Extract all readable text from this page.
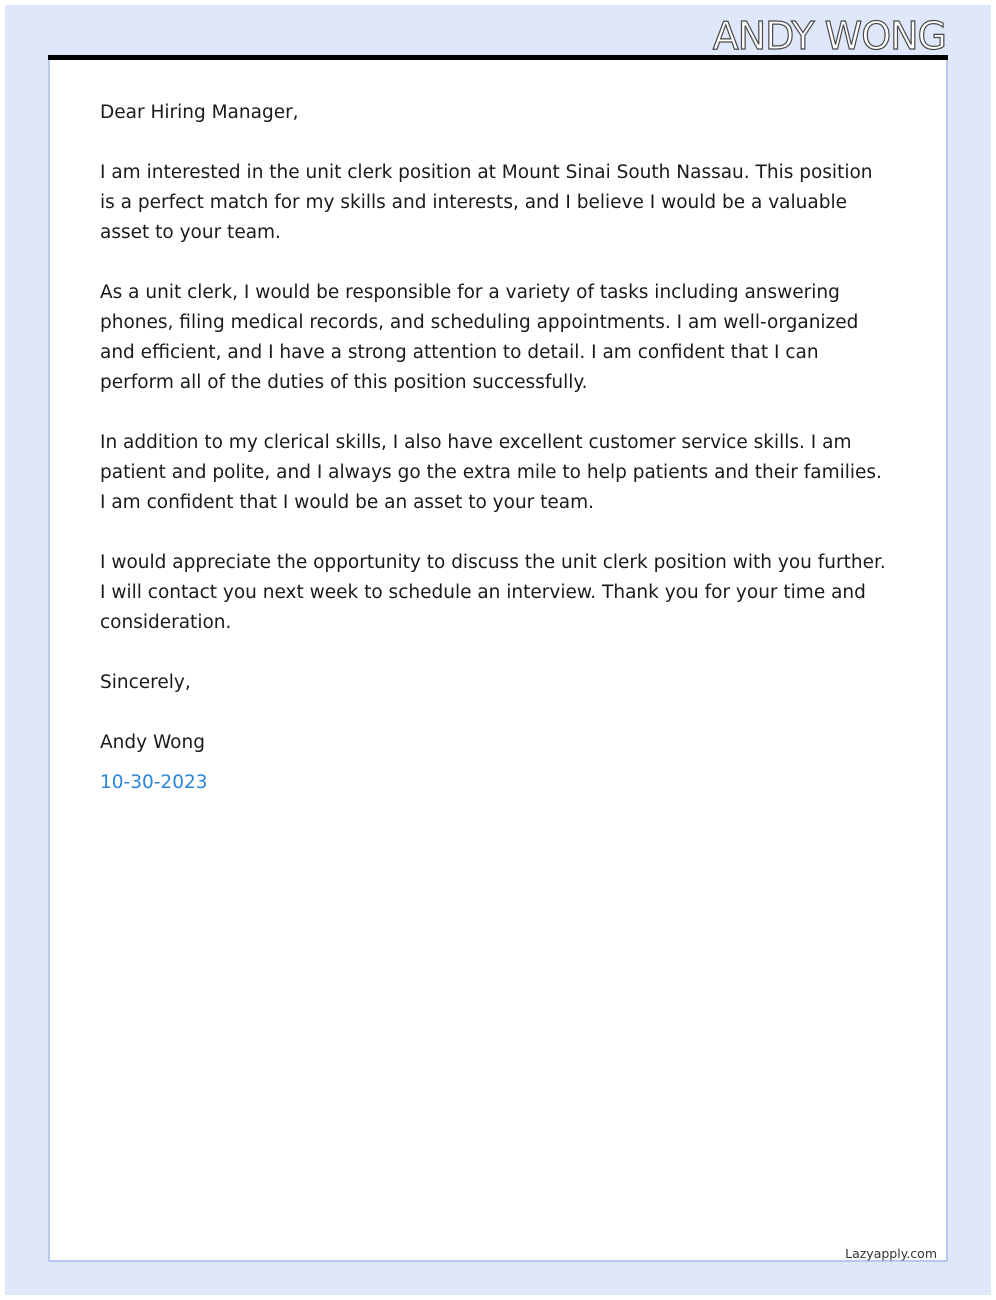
ANDY WONG

Dear Hiring Manager,

I am interested in the unit clerk position at Mount Sinai South Nassau. This position is a perfect match for my skills and interests, and I believe I would be a valuable asset to your team.

As a unit clerk, I would be responsible for a variety of tasks including answering phones, filing medical records, and scheduling appointments. I am well-organized and efficient, and I have a strong attention to detail. I am confident that I can perform all of the duties of this position successfully.

In addition to my clerical skills, I also have excellent customer service skills. I am patient and polite, and I always go the extra mile to help patients and their families. I am confident that I would be an asset to your team.

I would appreciate the opportunity to discuss the unit clerk position with you further. I will contact you next week to schedule an interview. Thank you for your time and consideration.

Sincerely,

Andy Wong

10-30-2023

Lazyapply.com
